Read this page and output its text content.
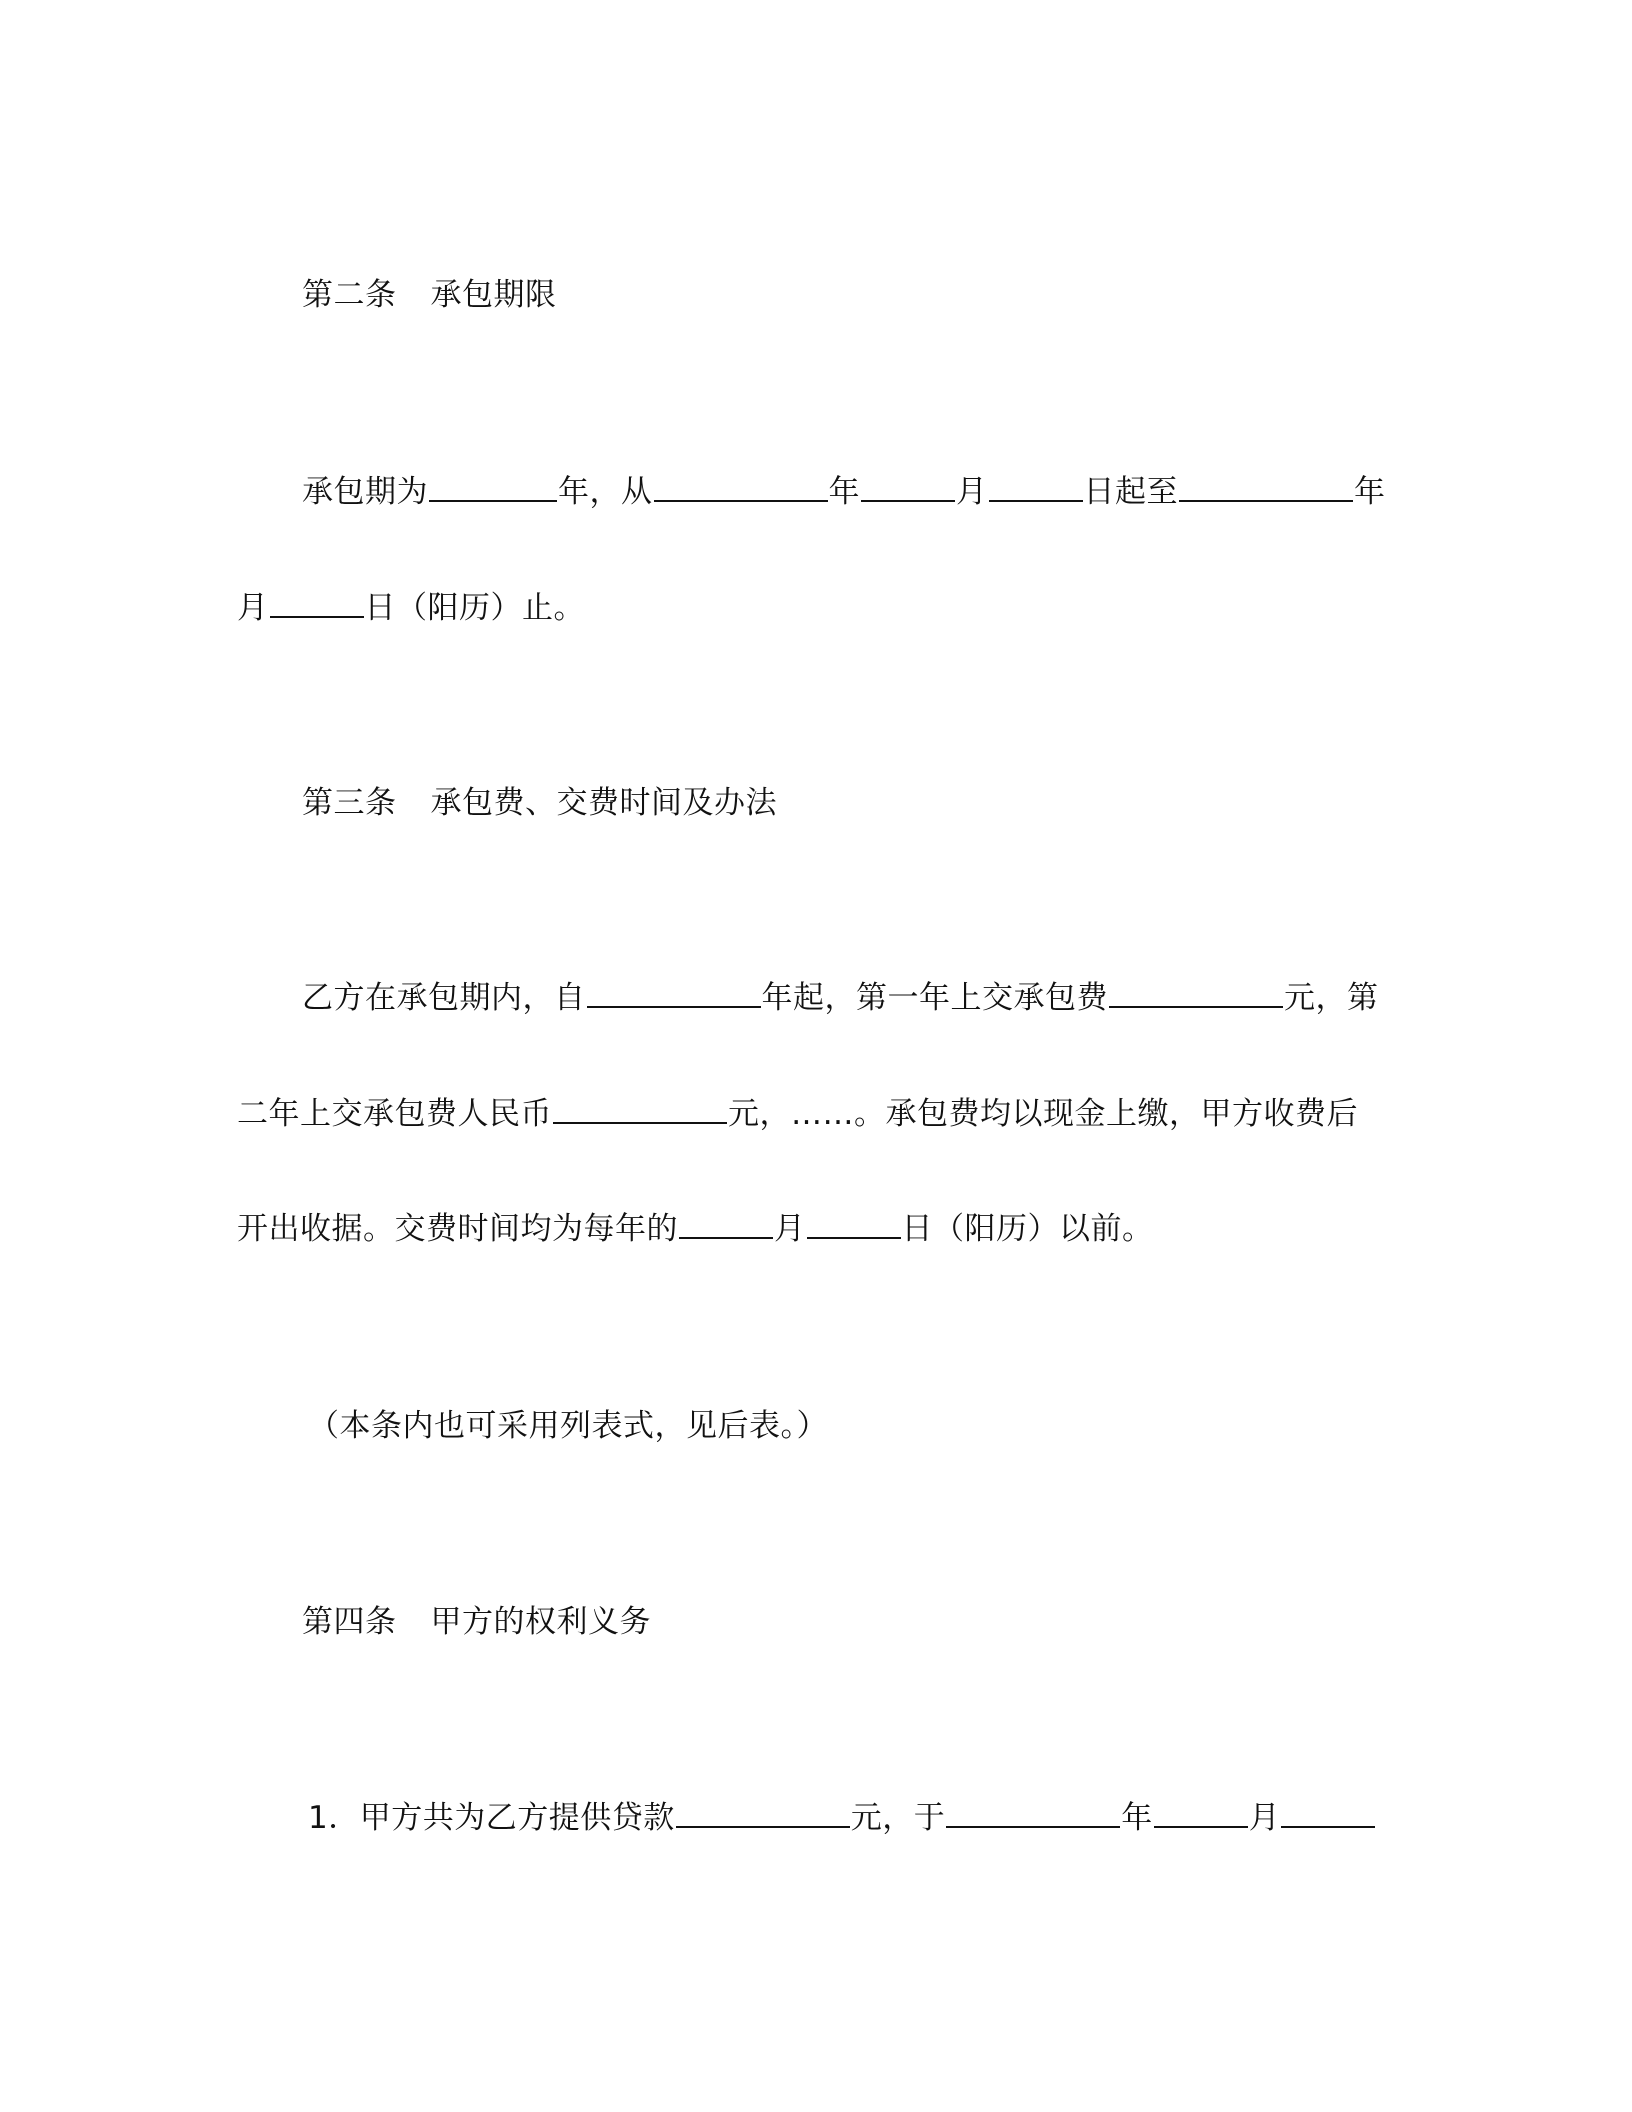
第二条 承包期限
承包期为	年，从	年	月	日起至	年
月	日（阳历）止。
第三条 承包费、交费时间及办法
乙方在承包期内，自	年起，第一年上交承包费	元，第
二年上交承包费人民币	元，……。承包费均以现金上缴，甲方收费后
开出收据。交费时间均为每年的	月	日（阳历）以前。
（本条内也可采用列表式，见后表。）
第四条 甲方的权利义务
1．甲方共为乙方提供贷款	元，于	年	月
